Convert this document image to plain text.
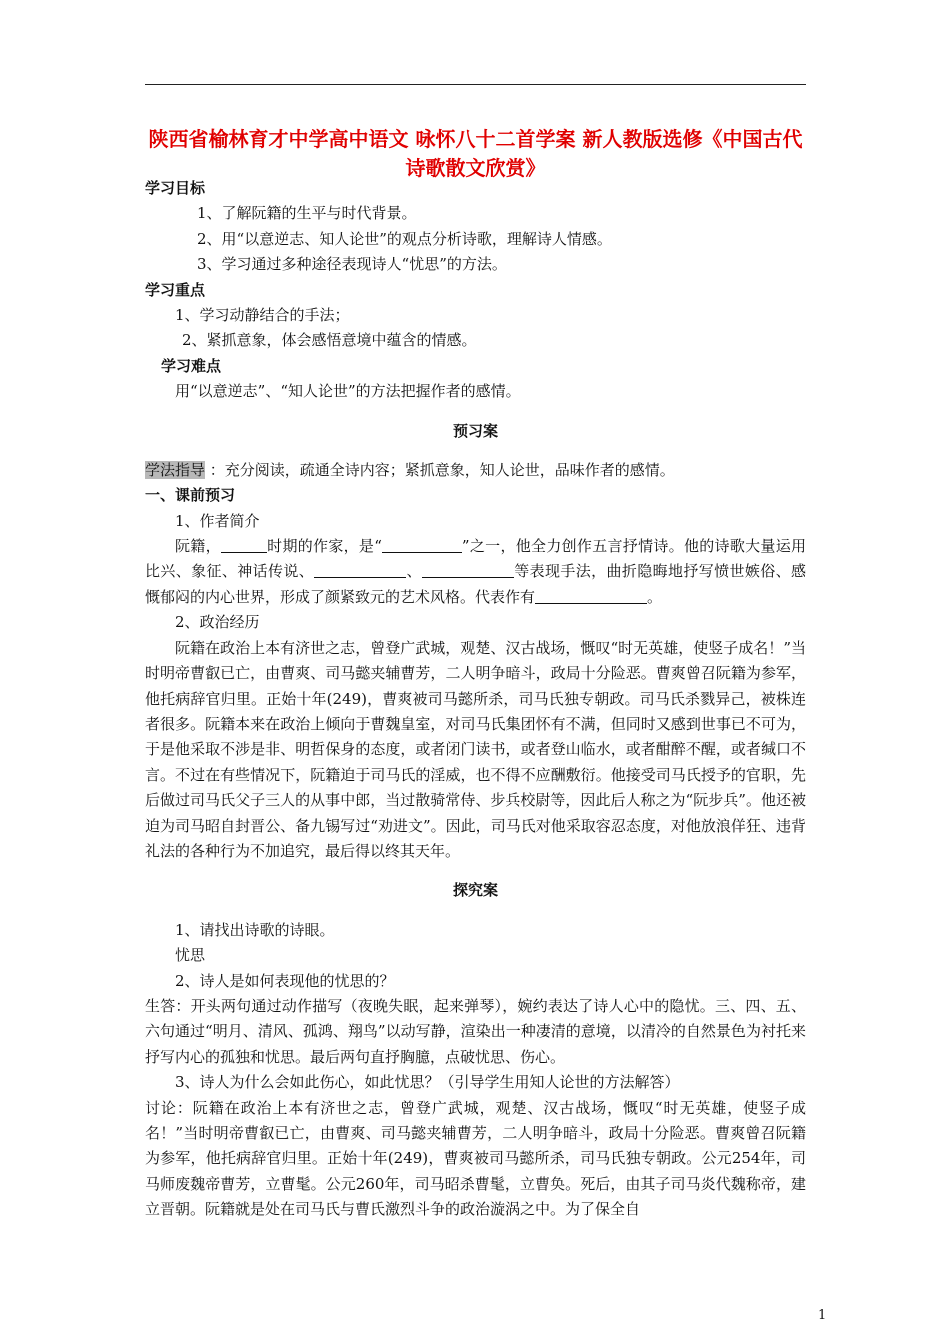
陕西省榆林育才中学高中语文 咏怀八十二首学案 新人教版选修《中国古代诗歌散文欣赏》
学习目标
1、了解阮籍的生平与时代背景。
2、用“以意逆志、知人论世”的观点分析诗歌，理解诗人情感。
3、学习通过多种途径表现诗人“忧思”的方法。
学习重点
1、学习动静结合的手法；
2、紧抓意象，体会感悟意境中蕴含的情感。
学习难点
用“以意逆志”、“知人论世”的方法把握作者的感情。
预习案
学法指导 ：充分阅读，疏通全诗内容；紧抓意象，知人论世，品味作者的感情。
一、课前预习
1、作者简介
阮籍，	时期的作家，是“	”之一，他全力创作五言抒情诗。他的诗歌大量运用比兴、象征、神话传说、	、	等表现手法，曲折隐晦地抒写愤世嫉俗、感慨郁闷的内心世界，形成了颜紧致元的艺术风格。代表作有	。
2、政治经历
阮籍在政治上本有济世之志，曾登广武城，观楚、汉古战场，慨叹“时无英雄，使竖子成名！”当时明帝曹叡已亡，由曹爽、司马懿夹辅曹芳，二人明争暗斗，政局十分险恶。曹爽曾召阮籍为参军，他托病辞官归里。正始十年(249)，曹爽被司马懿所杀，司马氏独专朝政。司马氏杀戮异己，被株连者很多。阮籍本来在政治上倾向于曹魏皇室，对司马氏集团怀有不满，但同时又感到世事已不可为，于是他采取不涉是非、明哲保身的态度，或者闭门读书，或者登山临水，或者酣醉不醒，或者缄口不言。不过在有些情况下，阮籍迫于司马氏的淫威，也不得不应酬敷衍。他接受司马氏授予的官职，先后做过司马氏父子三人的从事中郎，当过散骑常侍、步兵校尉等，因此后人称之为“阮步兵”。他还被迫为司马昭自封晋公、备九锡写过“劝进文”。因此，司马氏对他采取容忍态度，对他放浪佯狂、违背礼法的各种行为不加追究，最后得以终其天年。
探究案
1、请找出诗歌的诗眼。
忧思
2、诗人是如何表现他的忧思的？
生答：开头两句通过动作描写（夜晚失眠，起来弹琴），婉约表达了诗人心中的隐忧。三、四、五、六句通过“明月、清风、孤鸿、翔鸟”以动写静，渲染出一种凄清的意境，以清冷的自然景色为衬托来抒写内心的孤独和忧思。最后两句直抒胸臆，点破忧思、伤心。
3、诗人为什么会如此伤心，如此忧思？（引导学生用知人论世的方法解答）
讨论：阮籍在政治上本有济世之志，曾登广武城，观楚、汉古战场，慨叹“时无英雄，使竖子成名！”当时明帝曹叡已亡，由曹爽、司马懿夹辅曹芳，二人明争暗斗，政局十分险恶。曹爽曾召阮籍为参军，他托病辞官归里。正始十年(249)，曹爽被司马懿所杀，司马氏独专朝政。公元254年，司马师废魏帝曹芳，立曹髦。公元260年，司马昭杀曹髦，立曹奂。死后，由其子司马炎代魏称帝，建立晋朝。阮籍就是处在司马氏与曹氏激烈斗争的政治漩涡之中。为了保全自
1
